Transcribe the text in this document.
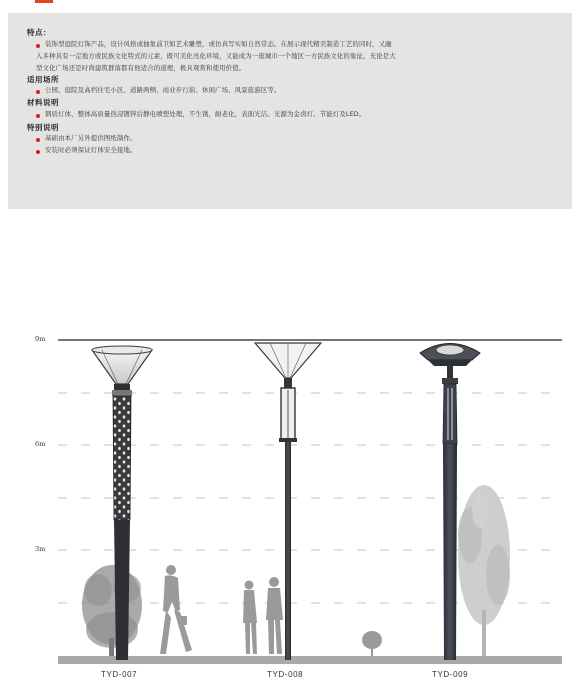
特点：
装饰型庭院灯饰产品，设计风格或抽象前卫如艺术雕塑，或仿真写实如自然常态。在展示现代精美制造工艺的同时，又融
入多种具有一定地方或民族文化特式的元素，既可美化亮化环境，又能成为一座城市一个地区一方民族文化的象征。无论是大
型文化广场还是时尚建筑群落都有他适合的道理，极具观赏和使用价值。
适用场所
公园、庭院及高档住宅小区、道路两侧、商业步行街、休闲广场、风景旅游区等。
材料说明
钢质灯体，整体高质量热浸镀锌后静电喷塑处理，不生锈，耐老化，表面光洁。光源为金卤灯、节能灯及LED。
特别说明
基础由本厂另外提供图纸制作。
安装时必须保证灯体安全接地。
9m
6m
3m
TYD-007	TYD-008	TYD-009
